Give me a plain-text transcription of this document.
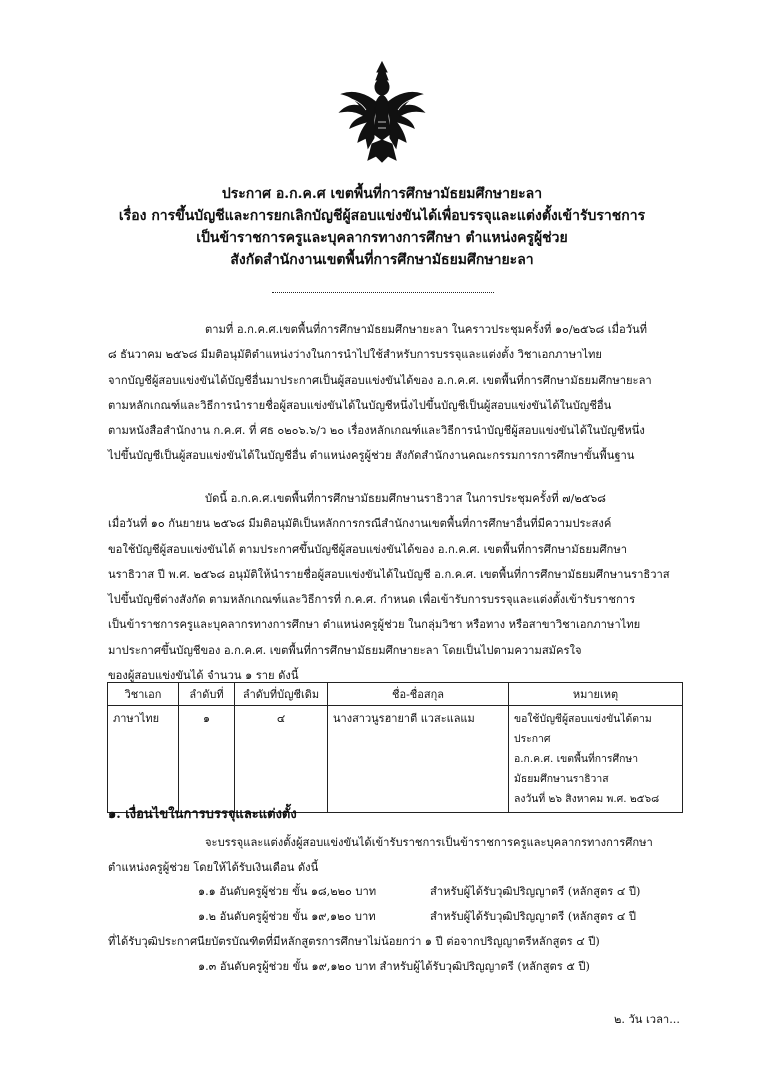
ประกาศ อ.ก.ค.ศ เขตพื้นที่การศึกษามัธยมศึกษายะลา
เรื่อง การขึ้นบัญชีและการยกเลิกบัญชีผู้สอบแข่งขันได้เพื่อบรรจุและแต่งตั้งเข้ารับราชการ
เป็นข้าราชการครูและบุคลากรทางการศึกษา ตำแหน่งครูผู้ช่วย
สังกัดสำนักงานเขตพื้นที่การศึกษามัธยมศึกษายะลา
ตามที่ อ.ก.ค.ศ.เขตพื้นที่การศึกษามัธยมศึกษายะลา ในคราวประชุมครั้งที่ ๑๐/๒๕๖๘ เมื่อวันที่
๘ ธันวาคม ๒๕๖๘ มีมติอนุมัติตำแหน่งว่างในการนำไปใช้สำหรับการบรรจุและแต่งตั้ง วิชาเอกภาษาไทย
จากบัญชีผู้สอบแข่งขันได้บัญชีอื่นมาประกาศเป็นผู้สอบแข่งขันได้ของ อ.ก.ค.ศ. เขตพื้นที่การศึกษามัธยมศึกษายะลา
ตามหลักเกณฑ์และวิธีการนำรายชื่อผู้สอบแข่งขันได้ในบัญชีหนึ่งไปขึ้นบัญชีเป็นผู้สอบแข่งขันได้ในบัญชีอื่น
ตามหนังสือสำนักงาน ก.ค.ศ. ที่ ศธ ๐๒๐๖.๖/ว ๒๐ เรื่องหลักเกณฑ์และวิธีการนำบัญชีผู้สอบแข่งขันได้ในบัญชีหนึ่ง
ไปขึ้นบัญชีเป็นผู้สอบแข่งขันได้ในบัญชีอื่น ตำแหน่งครูผู้ช่วย สังกัดสำนักงานคณะกรรมการการศึกษาขั้นพื้นฐาน
บัดนี้ อ.ก.ค.ศ.เขตพื้นที่การศึกษามัธยมศึกษานราธิวาส ในการประชุมครั้งที่ ๗/๒๕๖๘
เมื่อวันที่ ๑๐ กันยายน ๒๕๖๘ มีมติอนุมัติเป็นหลักการกรณีสำนักงานเขตพื้นที่การศึกษาอื่นที่มีความประสงค์
ขอใช้บัญชีผู้สอบแข่งขันได้ ตามประกาศขึ้นบัญชีผู้สอบแข่งขันได้ของ อ.ก.ค.ศ. เขตพื้นที่การศึกษามัธยมศึกษา
นราธิวาส ปี พ.ศ. ๒๕๖๘ อนุมัติให้นำรายชื่อผู้สอบแข่งขันได้ในบัญชี อ.ก.ค.ศ. เขตพื้นที่การศึกษามัธยมศึกษานราธิวาส
ไปขึ้นบัญชีต่างสังกัด ตามหลักเกณฑ์และวิธีการที่ ก.ค.ศ. กำหนด เพื่อเข้ารับการบรรจุและแต่งตั้งเข้ารับราชการ
เป็นข้าราชการครูและบุคลากรทางการศึกษา ตำแหน่งครูผู้ช่วย ในกลุ่มวิชา หรือทาง หรือสาขาวิชาเอกภาษาไทย
มาประกาศขึ้นบัญชีของ อ.ก.ค.ศ. เขตพื้นที่การศึกษามัธยมศึกษายะลา โดยเป็นไปตามความสมัครใจ
ของผู้สอบแข่งขันได้ จำนวน ๑ ราย ดังนี้
วิชาเอก	ลำดับที่	ลำดับที่บัญชีเดิม	ชื่อ-ชื่อสกุล	หมายเหตุ
ภาษาไทย	๑	๔	นางสาวนูรฮายาตี แวสะแลแม	ขอใช้บัญชีผู้สอบแข่งขันได้ตามประกาศ
อ.ก.ค.ศ. เขตพื้นที่การศึกษามัธยมศึกษานราธิวาส
ลงวันที่ ๒๖ สิงหาคม พ.ศ. ๒๕๖๘
๑. เงื่อนไขในการบรรจุและแต่งตั้ง
จะบรรจุและแต่งตั้งผู้สอบแข่งขันได้เข้ารับราชการเป็นข้าราชการครูและบุคลากรทางการศึกษา
ตำแหน่งครูผู้ช่วย โดยให้ได้รับเงินเดือน ดังนี้
๑.๑ อันดับครูผู้ช่วย ขั้น ๑๘,๒๒๐ บาท	สำหรับผู้ได้รับวุฒิปริญญาตรี (หลักสูตร ๔ ปี)
๑.๒ อันดับครูผู้ช่วย ขั้น ๑๙,๑๒๐ บาท	สำหรับผู้ได้รับวุฒิปริญญาตรี (หลักสูตร ๔ ปี
ที่ได้รับวุฒิประกาศนียบัตรบัณฑิตที่มีหลักสูตรการศึกษาไม่น้อยกว่า ๑ ปี ต่อจากปริญญาตรีหลักสูตร ๔ ปี)
๑.๓ อันดับครูผู้ช่วย ขั้น ๑๙,๑๒๐ บาท สำหรับผู้ได้รับวุฒิปริญญาตรี (หลักสูตร ๕ ปี)
๒. วัน เวลา...
